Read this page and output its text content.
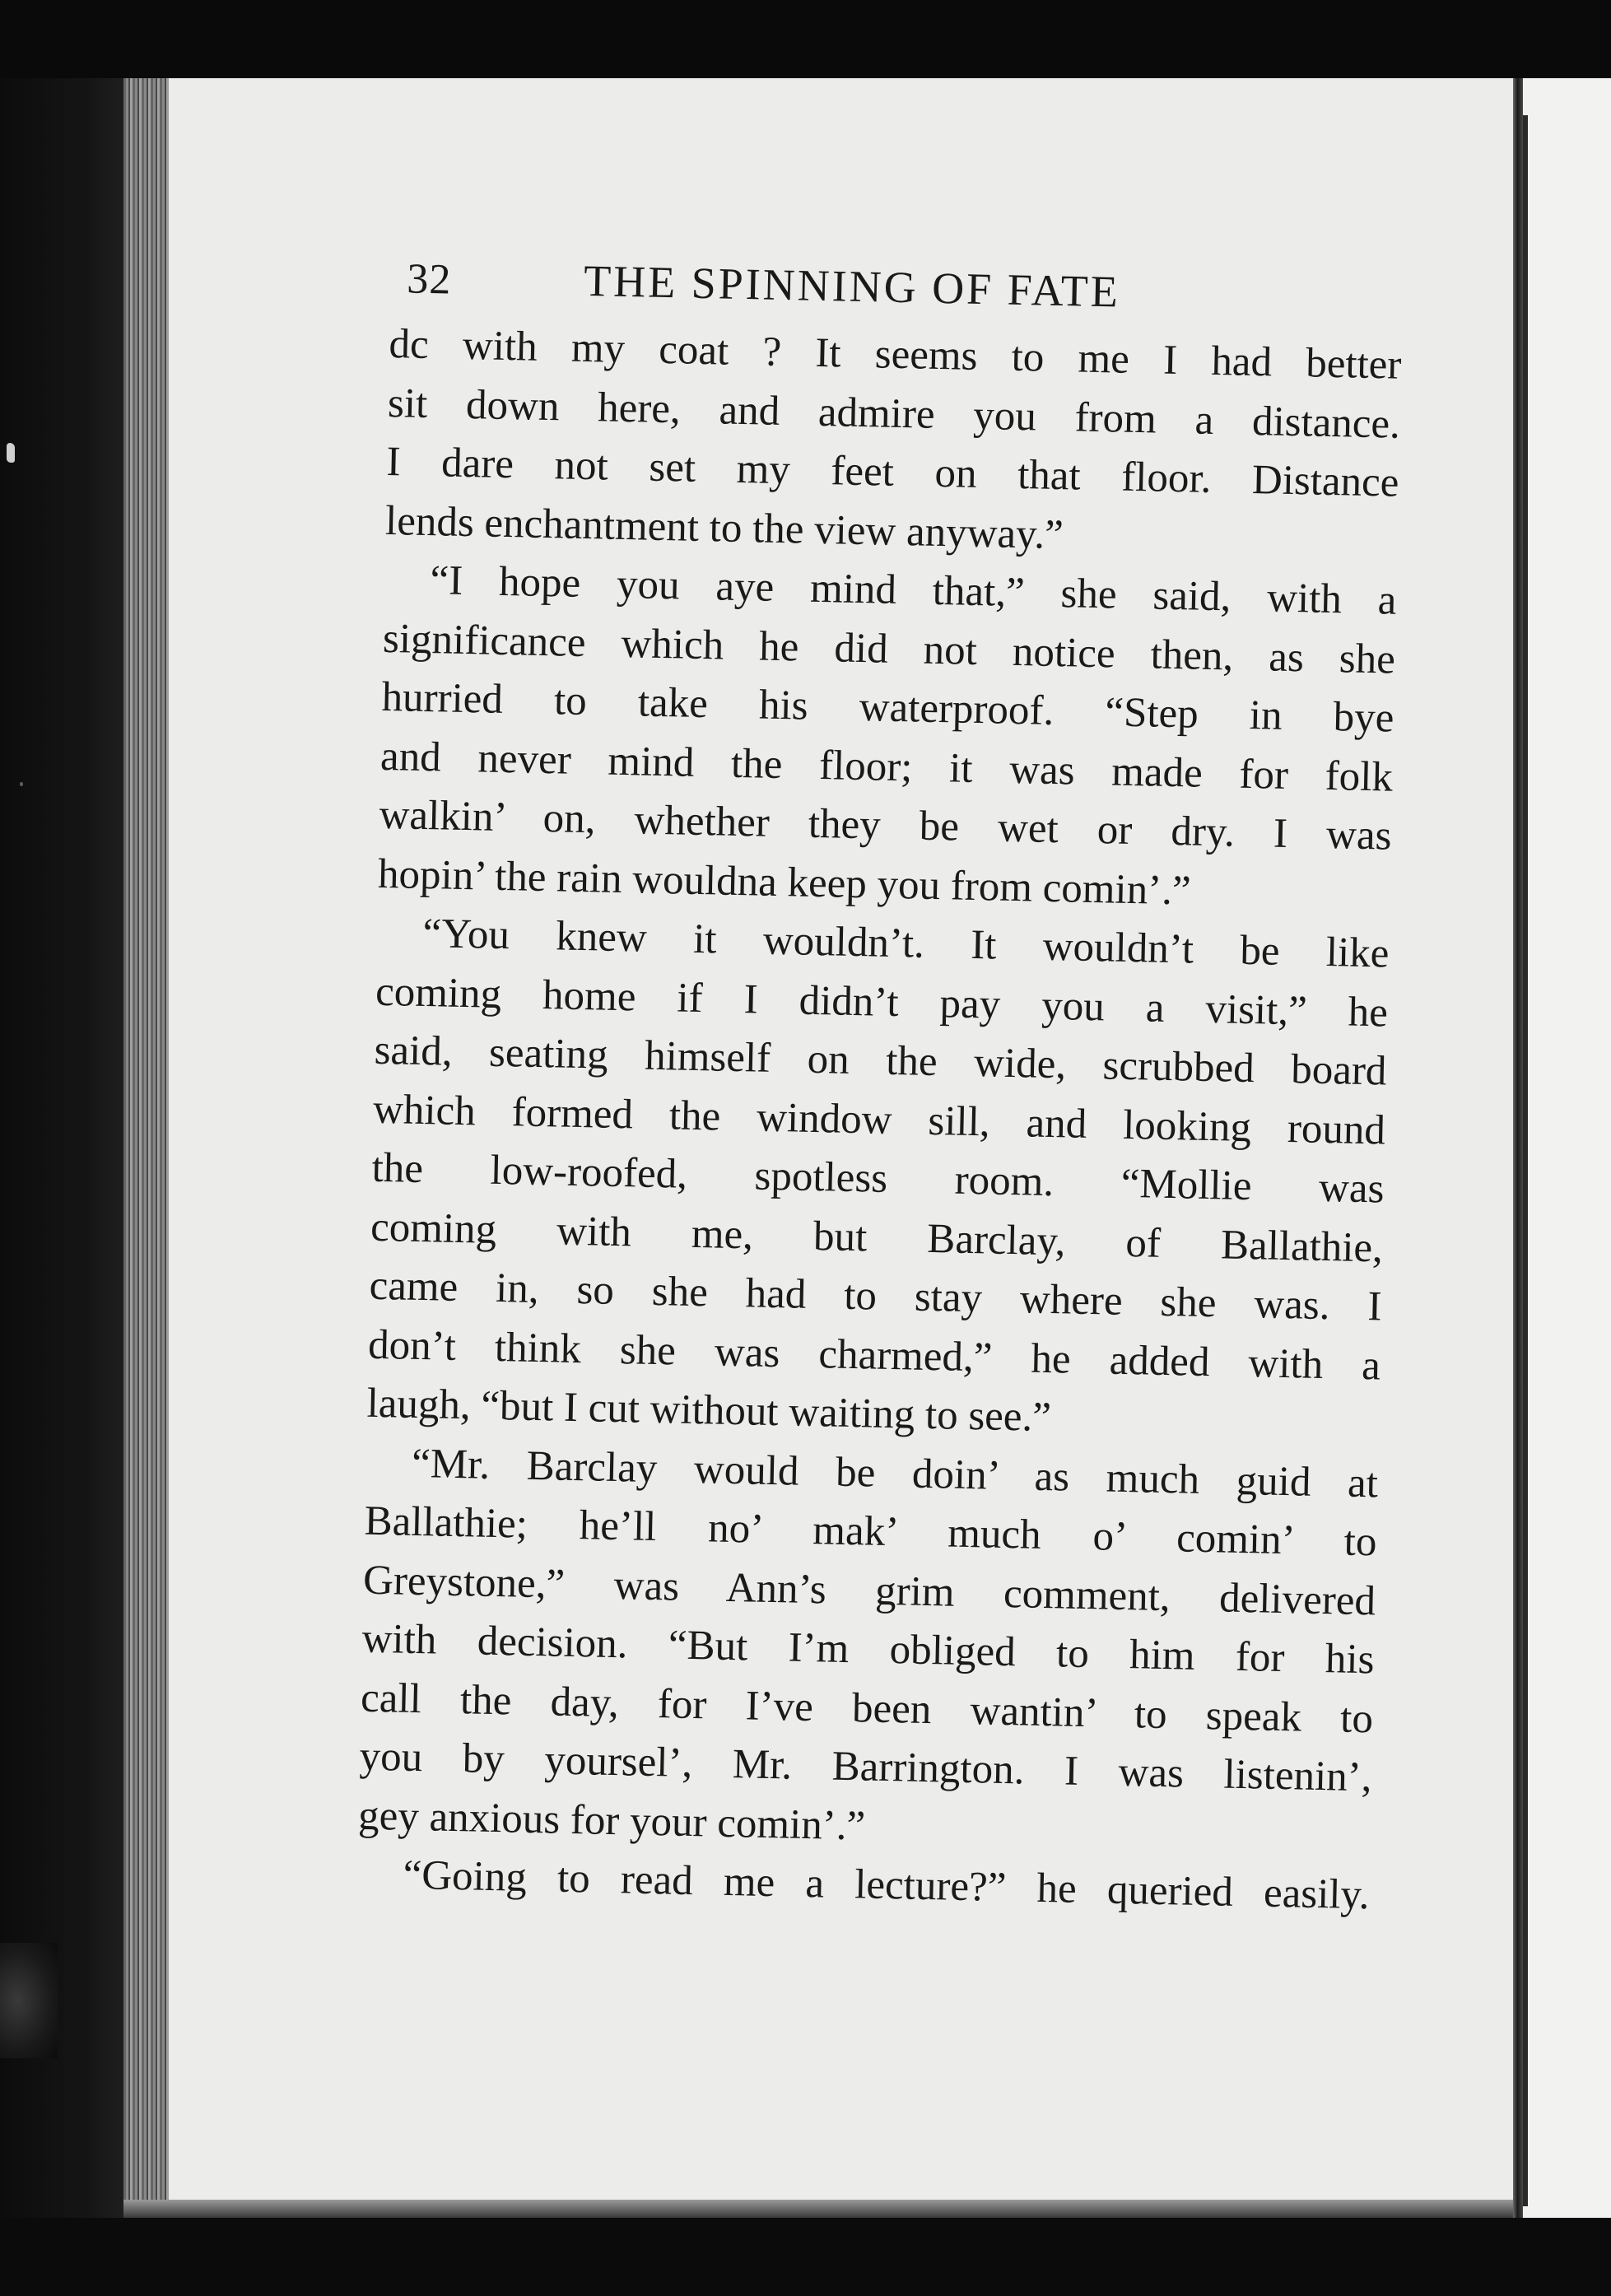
32	THE SPINNING OF FATE
dc with my coat ? It seems to me I had better
sit down here, and admire you from a distance.
I dare not set my feet on that floor. Distance
lends enchantment to the view anyway.”
“I hope you aye mind that,” she said, with a
significance which he did not notice then, as she
hurried to take his waterproof. “Step in bye
and never mind the floor; it was made for folk
walkin’ on, whether they be wet or dry. I was
hopin’ the rain wouldna keep you from comin’.”
“You knew it wouldn’t. It wouldn’t be like
coming home if I didn’t pay you a visit,” he
said, seating himself on the wide, scrubbed board
which formed the window sill, and looking round
the low-roofed, spotless room. “Mollie was
coming with me, but Barclay, of Ballathie,
came in, so she had to stay where she was. I
don’t think she was charmed,” he added with a
laugh, “but I cut without waiting to see.”
“Mr. Barclay would be doin’ as much guid at
Ballathie; he’ll no’ mak’ much o’ comin’ to
Greystone,” was Ann’s grim comment, delivered
with decision. “But I’m obliged to him for his
call the day, for I’ve been wantin’ to speak to
you by yoursel’, Mr. Barrington. I was listenin’,
gey anxious for your comin’.”
“Going to read me a lecture?” he queried easily.
